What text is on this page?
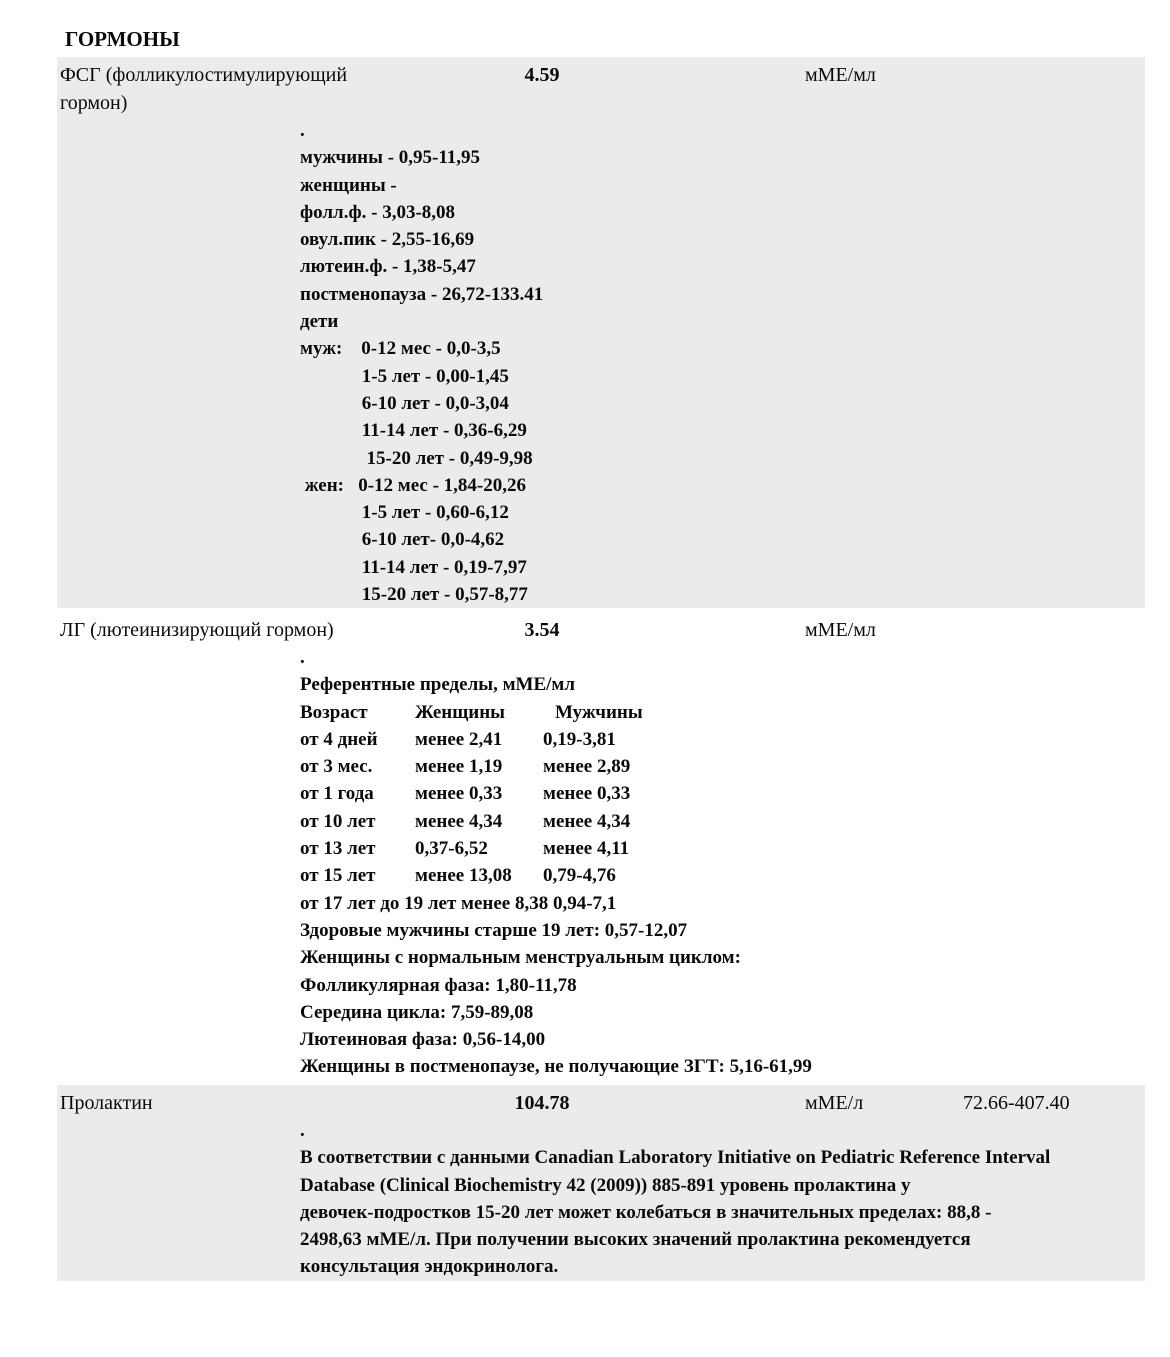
ГОРМОНЫ
ФСГ (фолликулостимулирующий
гормон)
4.59	мМЕ/мл
.
мужчины - 0,95-11,95
женщины -
фолл.ф. - 3,03-8,08
овул.пик - 2,55-16,69
лютеин.ф. - 1,38-5,47
постменопауза - 26,72-133.41
дети
муж:    0-12 мес - 0,0-3,5
1-5 лет - 0,00-1,45
6-10 лет - 0,0-3,04
11-14 лет - 0,36-6,29
15-20 лет - 0,49-9,98
жен:   0-12 мес - 1,84-20,26
1-5 лет - 0,60-6,12
6-10 лет- 0,0-4,62
11-14 лет - 0,19-7,97
15-20 лет - 0,57-8,77
ЛГ (лютеинизирующий гормон)	3.54	мМЕ/мл
.
Референтные пределы, мМЕ/мл
Возраст	Женщины	Мужчины
от 4 дней	менее 2,41	0,19-3,81
от 3 мес.	менее 1,19	менее 2,89
от 1 года	менее 0,33	менее 0,33
от 10 лет	менее 4,34	менее 4,34
от 13 лет	0,37-6,52	менее 4,11
от 15 лет	менее 13,08	0,79-4,76
от 17 лет до 19 лет менее 8,38 0,94-7,1
Здоровые мужчины старше 19 лет: 0,57-12,07
Женщины с нормальным менструальным циклом:
Фолликулярная фаза: 1,80-11,78
Середина цикла: 7,59-89,08
Лютеиновая фаза: 0,56-14,00
Женщины в постменопаузе, не получающие ЗГТ: 5,16-61,99
Пролактин	104.78	мМЕ/л	72.66-407.40
.
В соответствии с данными Canadian Laboratory Initiative on Pediatric Reference Interval
Database (Clinical Biochemistry 42 (2009)) 885-891 уровень пролактина у
девочек-подростков 15-20 лет может колебаться в значительных пределах: 88,8 -
2498,63 мМЕ/л. При получении высоких значений пролактина рекомендуется
консультация эндокринолога.
